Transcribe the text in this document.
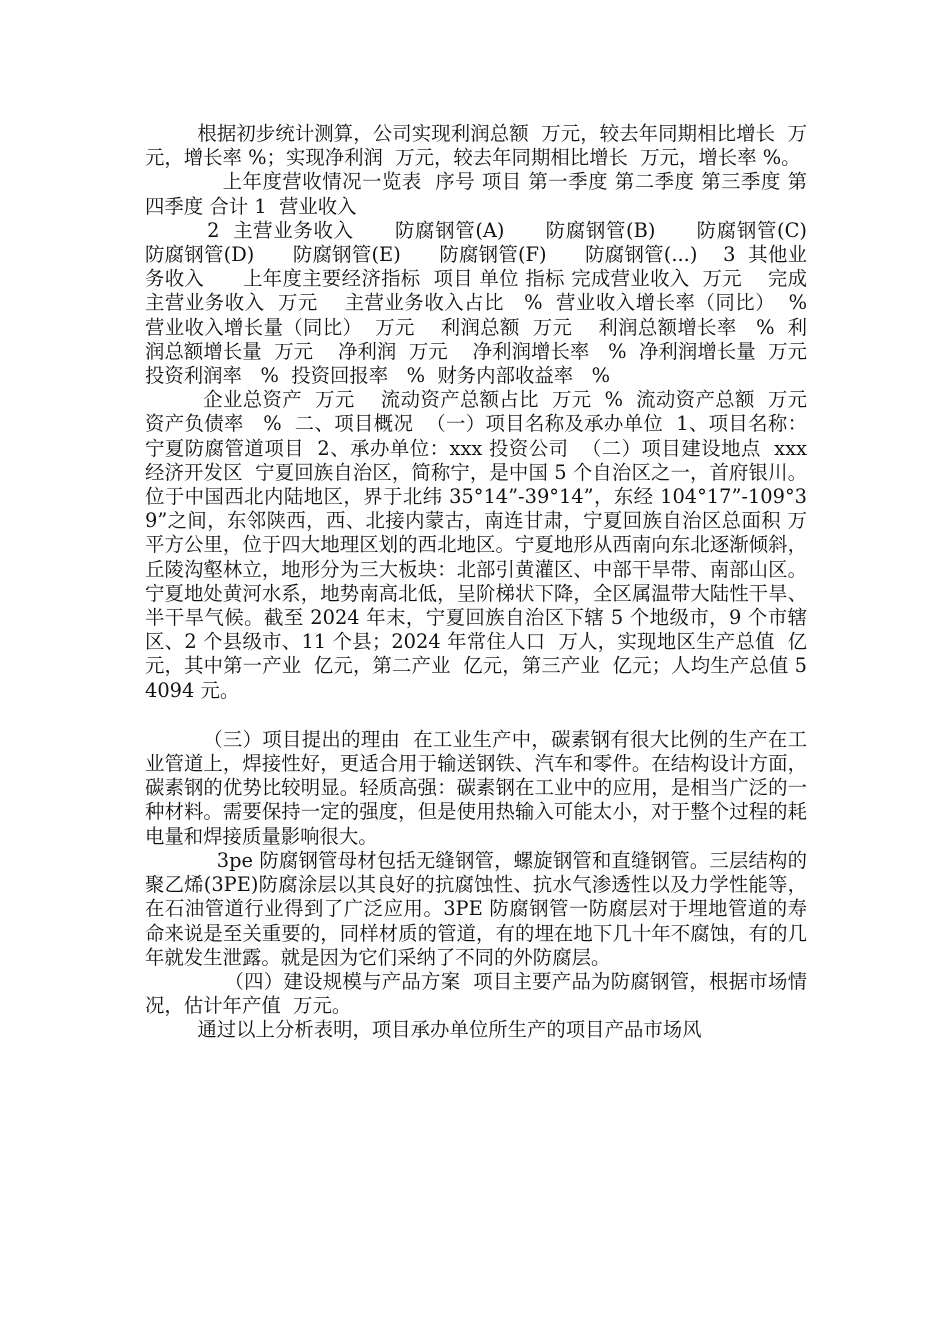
根据初步统计测算，公司实现利润总额  万元，较去年同期相比增长  万元，增长率 %；实现净利润  万元，较去年同期相比增长  万元，增长率 %。

上年度营收情况一览表  序号 项目 第一季度 第二季度 第三季度 第四季度 合计 1  营业收入

2  主营业务收入      防腐钢管(A)      防腐钢管(B)      防腐钢管(C)      防腐钢管(D)      防腐钢管(E)      防腐钢管(F)      防腐钢管(...)    3  其他业务收入      上年度主要经济指标  项目 单位 指标 完成营业收入  万元    完成主营业务收入  万元    主营业务收入占比   %  营业收入增长率（同比）  %  营业收入增长量（同比）  万元    利润总额  万元    利润总额增长率   %  利润总额增长量  万元    净利润  万元    净利润增长率   %  净利润增长量  万元    投资利润率   %  投资回报率   %  财务内部收益率   %

企业总资产  万元    流动资产总额占比  万元  %  流动资产总额  万元    资产负债率   %  二、项目概况  （一）项目名称及承办单位  1、项目名称：宁夏防腐管道项目  2、承办单位：xxx 投资公司  （二）项目建设地点  xxx 经济开发区  宁夏回族自治区，简称宁，是中国 5 个自治区之一，首府银川。位于中国西北内陆地区，界于北纬 35°14”-39°14”，东经 104°17”-109°39”之间，东邻陕西，西、北接内蒙古，南连甘肃，宁夏回族自治区总面积 万平方公里，位于四大地理区划的西北地区。宁夏地形从西南向东北逐渐倾斜，丘陵沟壑林立，地形分为三大板块：北部引黄灌区、中部干旱带、南部山区。宁夏地处黄河水系，地势南高北低，呈阶梯状下降，全区属温带大陆性干旱、半干旱气候。截至 2024 年末，宁夏回族自治区下辖 5 个地级市，9 个市辖区、2 个县级市、11 个县；2024 年常住人口  万人，实现地区生产总值  亿元，其中第一产业  亿元，第二产业  亿元，第三产业  亿元；人均生产总值 54094 元。

（三）项目提出的理由  在工业生产中，碳素钢有很大比例的生产在工业管道上，焊接性好，更适合用于输送钢铁、汽车和零件。在结构设计方面，碳素钢的优势比较明显。轻质高强：碳素钢在工业中的应用，是相当广泛的一种材料。需要保持一定的强度，但是使用热输入可能太小，对于整个过程的耗电量和焊接质量影响很大。

3pe 防腐钢管母材包括无缝钢管，螺旋钢管和直缝钢管。三层结构的聚乙烯(3PE)防腐涂层以其良好的抗腐蚀性、抗水气渗透性以及力学性能等，在石油管道行业得到了广泛应用。3PE 防腐钢管一防腐层对于埋地管道的寿命来说是至关重要的，同样材质的管道，有的埋在地下几十年不腐蚀，有的几年就发生泄露。就是因为它们采纳了不同的外防腐层。

（四）建设规模与产品方案  项目主要产品为防腐钢管，根据市场情况，估计年产值  万元。

通过以上分析表明，项目承办单位所生产的项目产品市场风
